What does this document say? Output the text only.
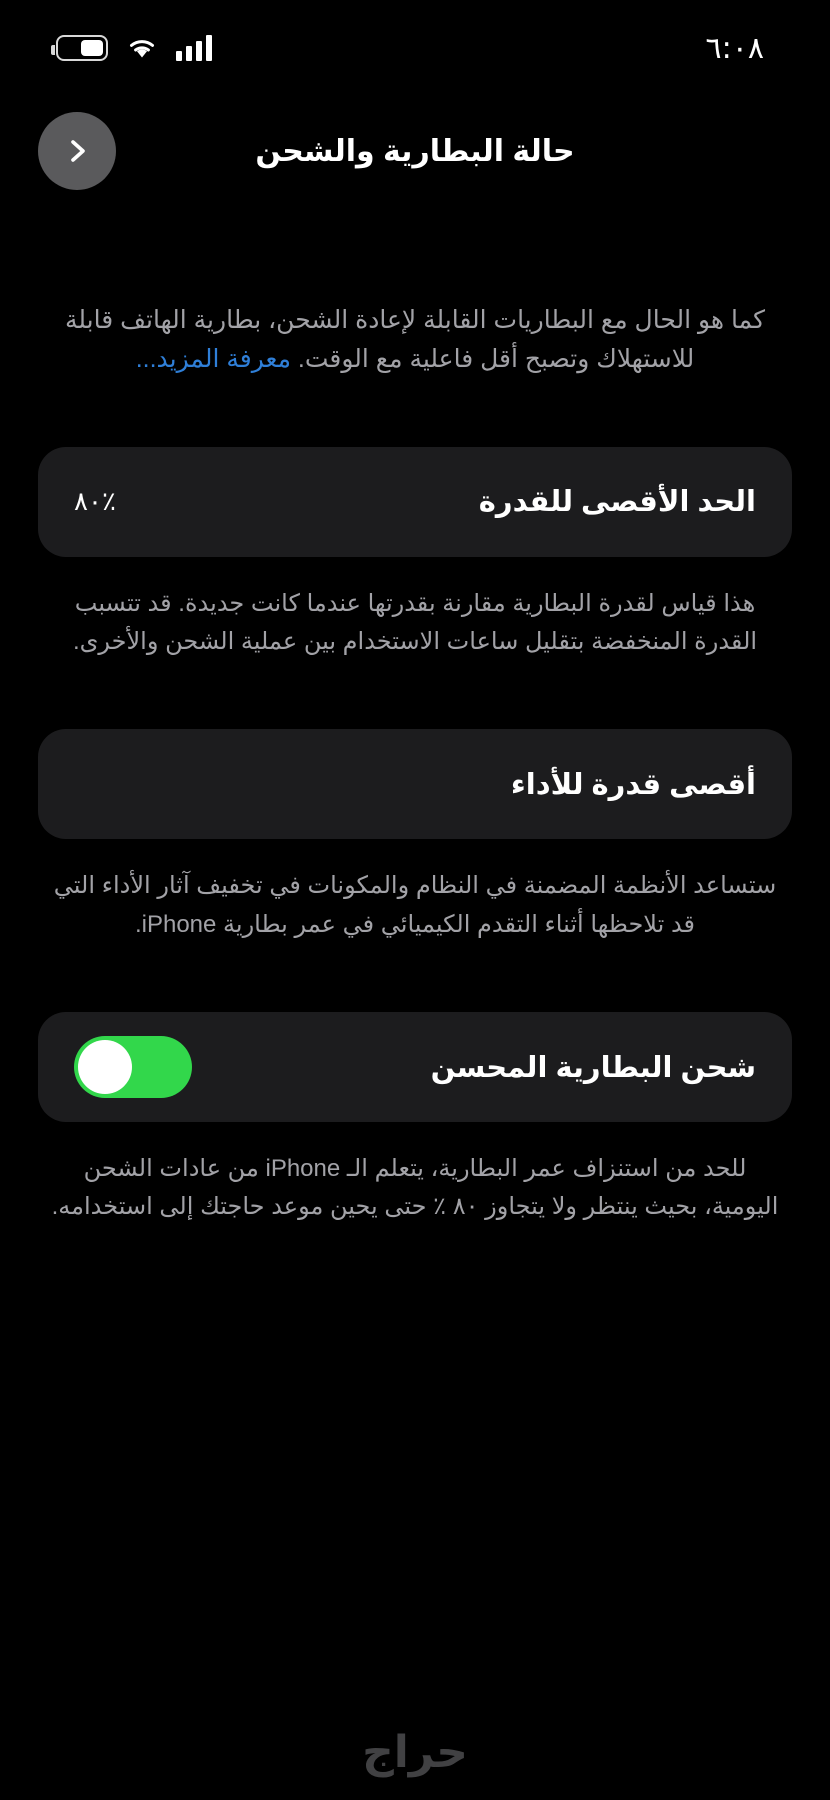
٦:٠٨
حالة البطارية والشحن

كما هو الحال مع البطاريات القابلة لإعادة الشحن، بطارية الهاتف قابلة للاستهلاك وتصبح أقل فاعلية مع الوقت. معرفة المزيد...

الحد الأقصى للقدرة
٪٨٠

هذا قياس لقدرة البطارية مقارنة بقدرتها عندما كانت جديدة. قد تتسبب القدرة المنخفضة بتقليل ساعات الاستخدام بين عملية الشحن والأخرى.

أقصى قدرة للأداء

ستساعد الأنظمة المضمنة في النظام والمكونات في تخفيف آثار الأداء التي قد تلاحظها أثناء التقدم الكيميائي في عمر بطارية iPhone.

شحن البطارية المحسن

للحد من استنزاف عمر البطارية، يتعلم الـ iPhone من عادات الشحن اليومية، بحيث ينتظر ولا يتجاوز ٨٠ ٪ حتى يحين موعد حاجتك إلى استخدامه.

حراج
